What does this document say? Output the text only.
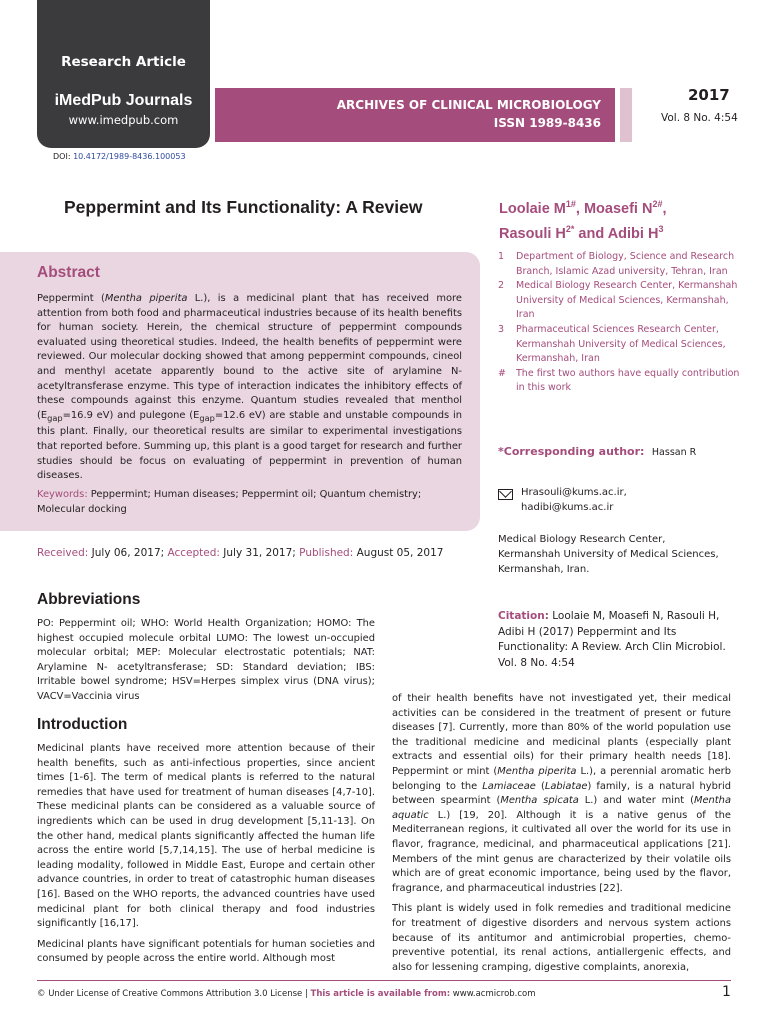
Research Article
iMedPub Journals
www.imedpub.com
ARCHIVES OF CLINICAL MICROBIOLOGY
ISSN 1989-8436
2017
Vol. 8 No. 4:54
DOI: 10.4172/1989-8436.100053
Peppermint and Its Functionality: A Review	Loolaie $M^{1\#}$, Moasefi $N^{2\#}$,
Rasouli $H^{2*}$ and Adibi $H^3$
1	Department of Biology, Science and Research Branch, Islamic Azad university, Tehran, Iran
2	Medical Biology Research Center, Kermanshah University of Medical Sciences, Kermanshah, Iran
3	Pharmaceutical Sciences Research Center, Kermanshah University of Medical Sciences, Kermanshah, Iran
#	The first two authors have equally contribution in this work
*Corresponding author: Hassan R
Hrasouli@kums.ac.ir,
hadibi@kums.ac.ir
Medical Biology Research Center,
Kermanshah University of Medical Sciences,
Kermanshah, Iran.
Citation: Loolaie M, Moasefi N, Rasouli H, Adibi H (2017) Peppermint and Its Functionality: A Review. Arch Clin Microbiol. Vol. 8 No. 4:54
Abstract
Peppermint (Mentha piperita L.), is a medicinal plant that has received more attention from both food and pharmaceutical industries because of its health benefits for human society. Herein, the chemical structure of peppermint compounds evaluated using theoretical studies. Indeed, the health benefits of peppermint were reviewed. Our molecular docking showed that among peppermint compounds, cineol and menthyl acetate apparently bound to the active site of arylamine N-acetyltransferase enzyme. This type of interaction indicates the inhibitory effects of these compounds against this enzyme. Quantum studies revealed that menthol ($E_{gap}=16.9$ eV) and pulegone ($E_{gap}=12.6$ eV) are stable and unstable compounds in this plant. Finally, our theoretical results are similar to experimental investigations that reported before. Summing up, this plant is a good target for research and further studies should be focus on evaluating of peppermint in prevention of human diseases.
Keywords: Peppermint; Human diseases; Peppermint oil; Quantum chemistry; Molecular docking
Received: July 06, 2017; Accepted: July 31, 2017; Published: August 05, 2017
Abbreviations
PO: Peppermint oil; WHO: World Health Organization; HOMO: The highest occupied molecule orbital LUMO: The lowest un-occupied molecular orbital; MEP: Molecular electrostatic potentials; NAT: Arylamine N- acetyltransferase; SD: Standard deviation; IBS: Irritable bowel syndrome; HSV=Herpes simplex virus (DNA virus); VACV=Vaccinia virus
Introduction

Medicinal plants have received more attention because of their health benefits, such as anti-infectious properties, since ancient times [1-6]. The term of medical plants is referred to the natural remedies that have used for treatment of human diseases [4,7-10]. These medicinal plants can be considered as a valuable source of ingredients which can be used in drug development [5,11-13]. On the other hand, medical plants significantly affected the human life across the entire world [5,7,14,15]. The use of herbal medicine is leading modality, followed in Middle East, Europe and certain other advance countries, in order to treat of catastrophic human diseases [16]. Based on the WHO reports, the advanced countries have used medicinal plant for both clinical therapy and food industries significantly [16,17].

Medicinal plants have significant potentials for human societies and consumed by people across the entire world. Although most

of their health benefits have not investigated yet, their medical activities can be considered in the treatment of present or future diseases [7]. Currently, more than 80% of the world population use the traditional medicine and medicinal plants (especially plant extracts and essential oils) for their primary health needs [18]. Peppermint or mint (Mentha piperita L.), a perennial aromatic herb belonging to the Lamiaceae (Labiatae) family, is a natural hybrid between spearmint (Mentha spicata L.) and water mint (Mentha aquatic L.) [19, 20]. Although it is a native genus of the Mediterranean regions, it cultivated all over the world for its use in flavor, fragrance, medicinal, and pharmaceutical applications [21]. Members of the mint genus are characterized by their volatile oils which are of great economic importance, being used by the flavor, fragrance, and pharmaceutical industries [22].

This plant is widely used in folk remedies and traditional medicine for treatment of digestive disorders and nervous system actions because of its antitumor and antimicrobial properties, chemo-preventive potential, its renal actions, antiallergenic effects, and also for lessening cramping, digestive complaints, anorexia,

© Under License of Creative Commons Attribution 3.0 License | This article is available from: www.acmicrob.com	1
